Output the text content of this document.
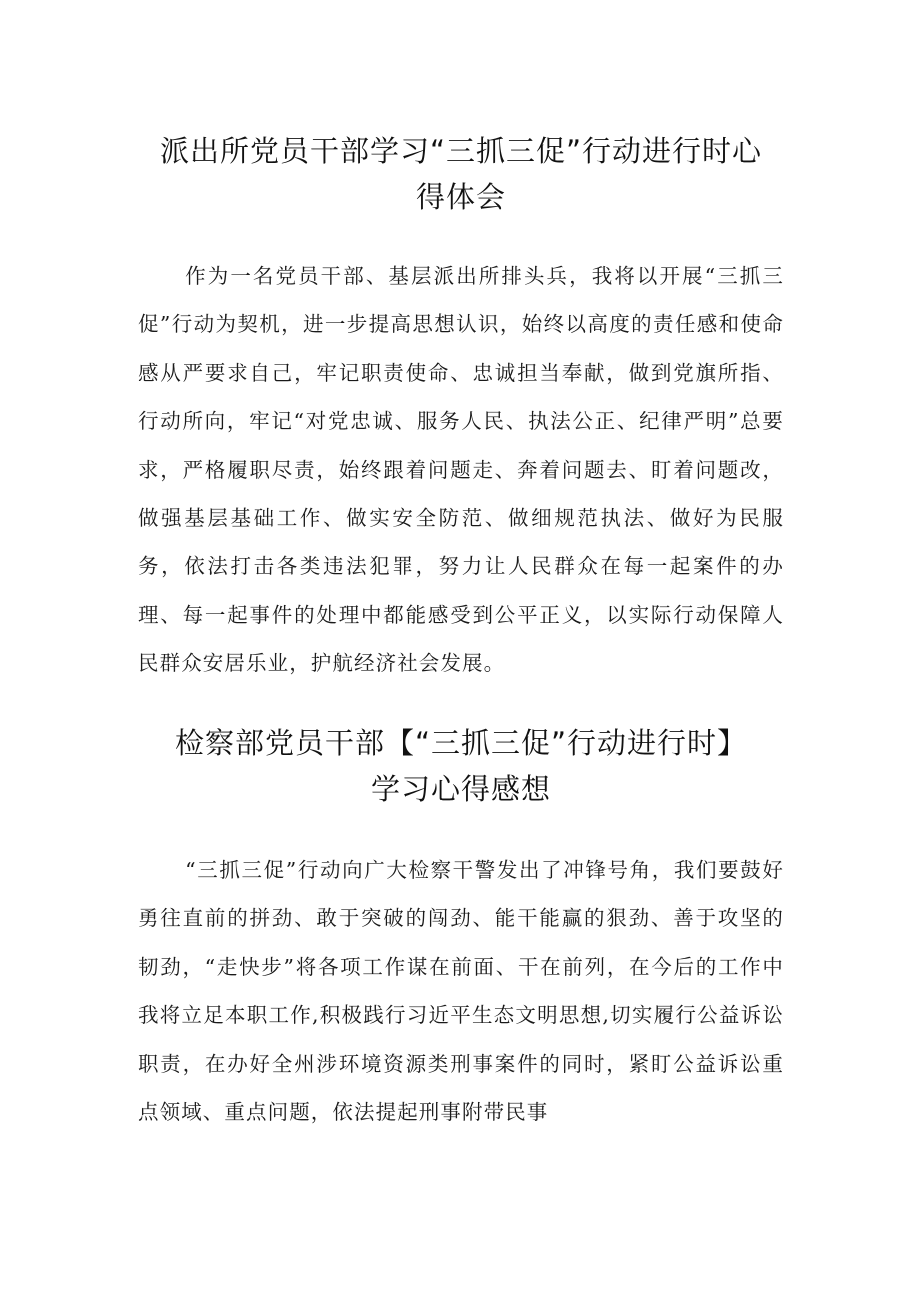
派出所党员干部学习“三抓三促”行动进行时心
得体会

作为一名党员干部、基层派出所排头兵，我将以开展“三抓三促”行动为契机，进一步提高思想认识，始终以高度的责任感和使命感从严要求自己，牢记职责使命、忠诚担当奉献，做到党旗所指、行动所向，牢记“对党忠诚、服务人民、执法公正、纪律严明”总要求，严格履职尽责，始终跟着问题走、奔着问题去、盯着问题改，做强基层基础工作、做实安全防范、做细规范执法、做好为民服务，依法打击各类违法犯罪，努力让人民群众在每一起案件的办理、每一起事件的处理中都能感受到公平正义，以实际行动保障人民群众安居乐业，护航经济社会发展。

检察部党员干部【“三抓三促”行动进行时】
学习心得感想

“三抓三促”行动向广大检察干警发出了冲锋号角，我们要鼓好勇往直前的拼劲、敢于突破的闯劲、能干能赢的狠劲、善于攻坚的韧劲，“走快步”将各项工作谋在前面、干在前列，在今后的工作中我将立足本职工作,积极践行习近平生态文明思想,切实履行公益诉讼职责，在办好全州涉环境资源类刑事案件的同时，紧盯公益诉讼重点领域、重点问题，依法提起刑事附带民事
